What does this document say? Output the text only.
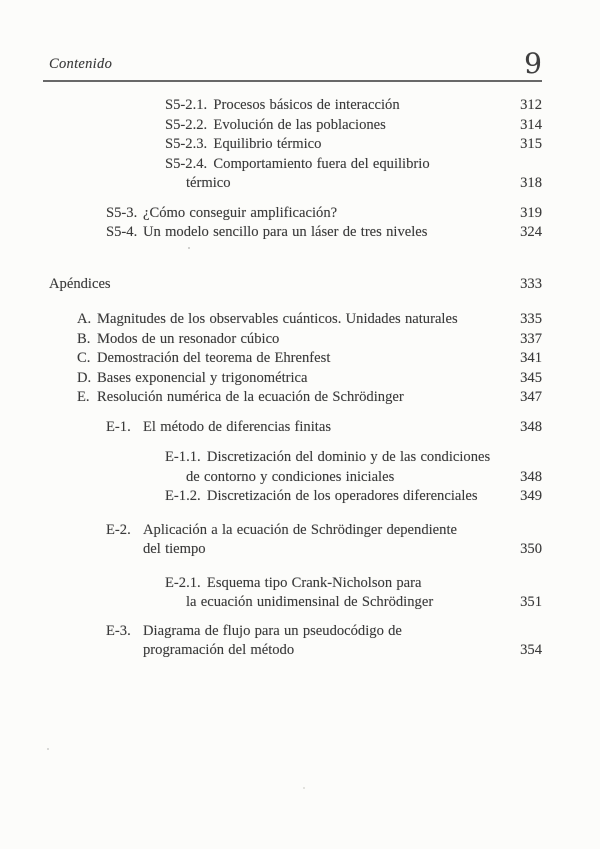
Contenido	9
S5-2.1. Procesos básicos de interacción	312
S5-2.2. Evolución de las poblaciones	314
S5-2.3. Equilibrio térmico	315
S5-2.4. Comportamiento fuera del equilibrio
térmico	318
S5-3. ¿Cómo conseguir amplificación?	319
S5-4. Un modelo sencillo para un láser de tres niveles	324
Apéndices	333
A. Magnitudes de los observables cuánticos. Unidades naturales	335
B. Modos de un resonador cúbico	337
C. Demostración del teorema de Ehrenfest	341
D. Bases exponencial y trigonométrica	345
E. Resolución numérica de la ecuación de Schrödinger	347
E-1. El método de diferencias finitas	348
E-1.1. Discretización del dominio y de las condiciones
de contorno y condiciones iniciales	348
E-1.2. Discretización de los operadores diferenciales	349
E-2. Aplicación a la ecuación de Schrödinger dependiente
del tiempo	350
E-2.1. Esquema tipo Crank-Nicholson para
la ecuación unidimensinal de Schrödinger	351
E-3. Diagrama de flujo para un pseudocódigo de
programación del método	354
